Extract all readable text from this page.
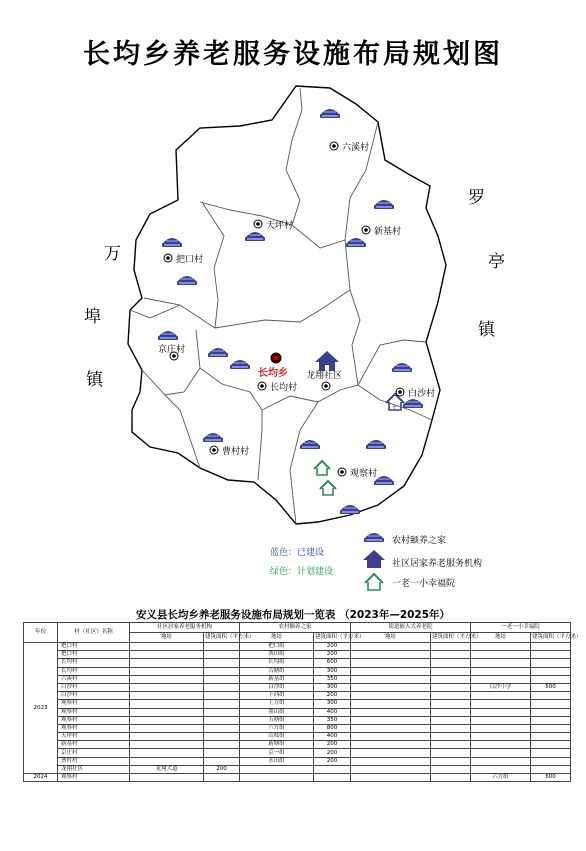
长均乡养老服务设施布局规划图
万
埠
镇
罗
亭
镇
+
长均乡
六溪村
新基村
天坪村
把口村
京庄村
长均村
龙翔社区
白沙村
曹村村
观察村
蓝色：已建设
绿色：计划建设
农村颐养之家
社区居家养老服务机构
一老一小幸福院
安义县长均乡养老服务设施布局规划一览表 （2023年—2025年）
年份	村（社区）名称	社区居家养老服务机构		农村颐养之家		街道嵌入式养老院		一老一小幸福院	
		地址	建筑面积（平方米）	地址	建筑面积（平方米）	地址	建筑面积（平方米）	地址	建筑面积（平方米）
2023	把口村			把口组	200				
	把口村			西田组	200				
	长均村			长均组	600				
	长均村			古塘组	300				
	六溪村			新基组	350				
	白沙村			白沙组	300			白沙小学	500
	白沙村			下西组	200				
	观察村			上方组	300				
	观察村			墨山组	400				
	观察村			五塘组	350				
	观察村			六方组	800				
	天坪村			山枝组	400				
	新基村			新塘组	200				
	京庄村			京一组	200				
	曹村村			水田组	200				
	龙翔社区	龙翔大道	200						
2024	观察村							六方组	600
